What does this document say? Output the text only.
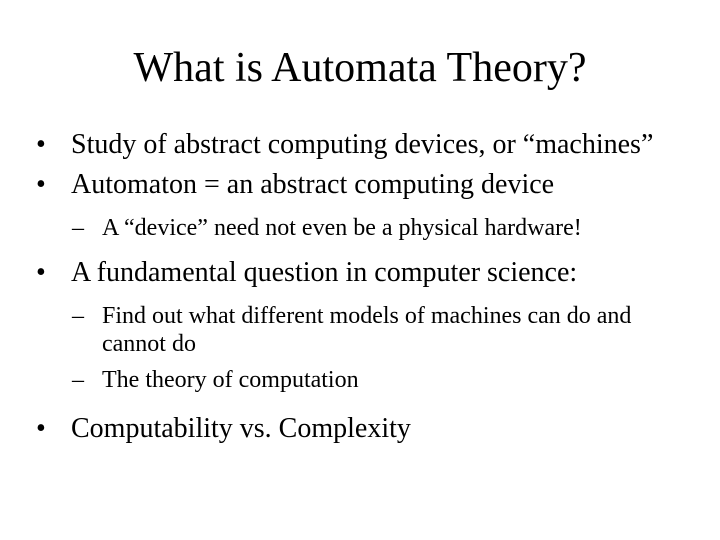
What is Automata Theory?
• Study of abstract computing devices, or “machines”
• Automaton = an abstract computing device
– A “device” need not even be a physical hardware!
• A fundamental question in computer science:
– Find out what different models of machines can do and cannot do
– The theory of computation
• Computability vs. Complexity
